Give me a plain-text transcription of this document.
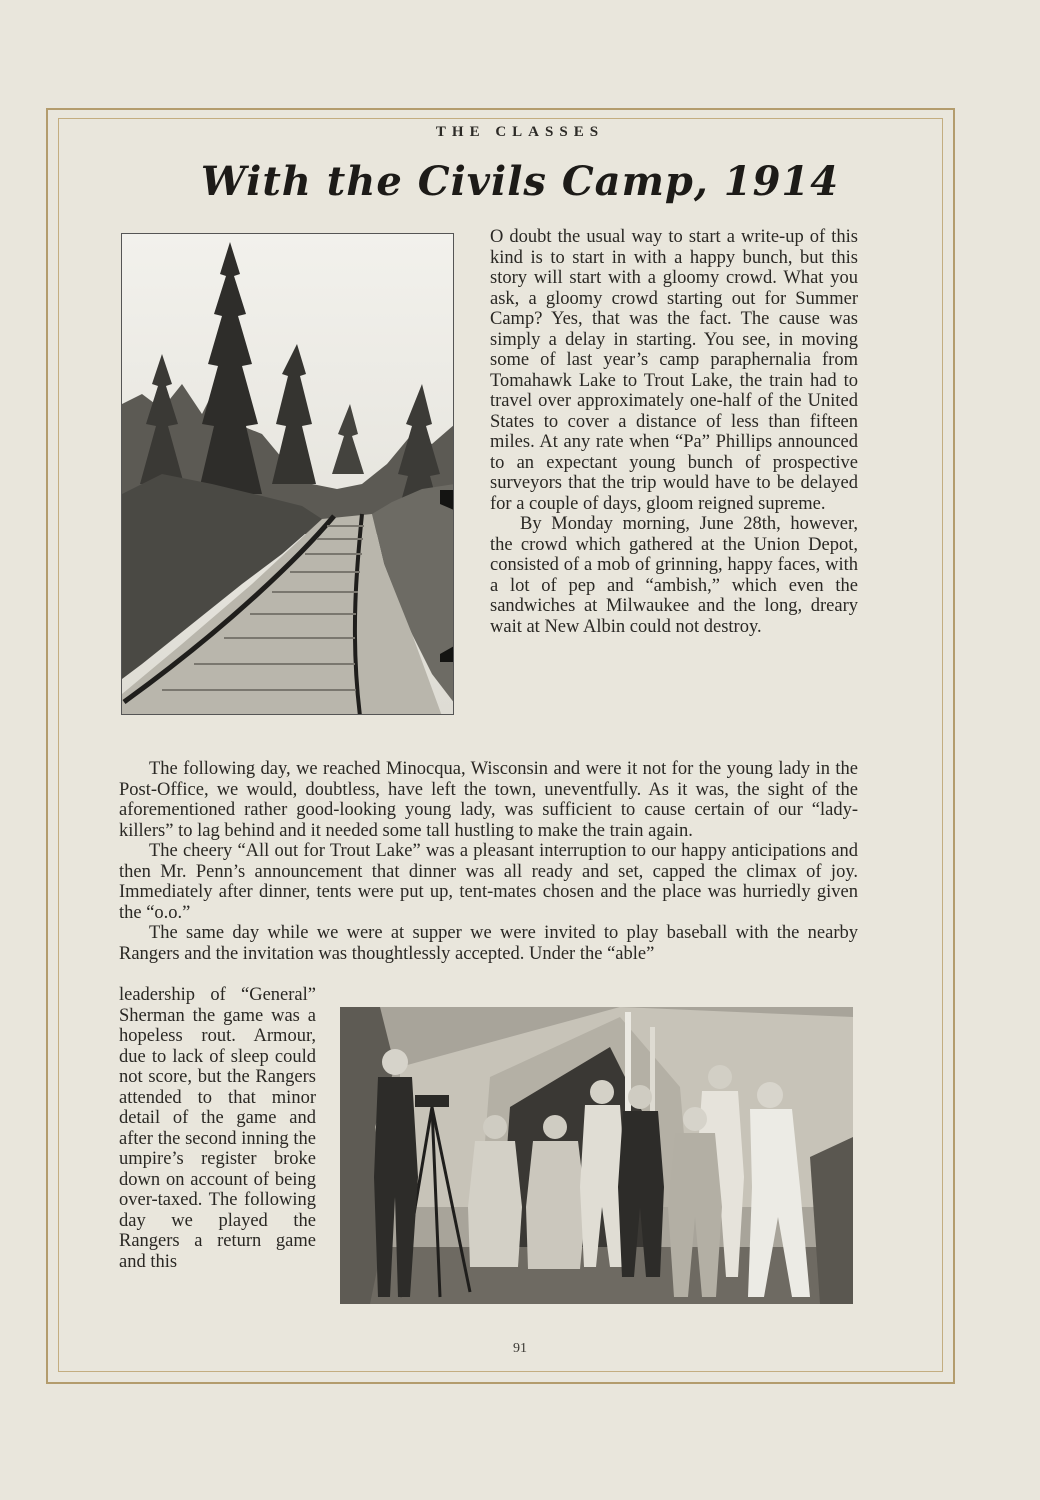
THE CLASSES
With the Civils Camp, 1914

O doubt the usual way to start a write-up of this kind is to start in with a happy bunch, but this story will start with a gloomy crowd. What you ask, a gloomy crowd starting out for Summer Camp? Yes, that was the fact. The cause was simply a delay in starting. You see, in moving some of last year’s camp paraphernalia from Tomahawk Lake to Trout Lake, the train had to travel over approximately one-half of the United States to cover a distance of less than fifteen miles. At any rate when “Pa” Phillips announced to an expectant young bunch of prospective surveyors that the trip would have to be delayed for a couple of days, gloom reigned supreme.

By Monday morning, June 28th, however, the crowd which gathered at the Union Depot, consisted of a mob of grinning, happy faces, with a lot of pep and “ambish,” which even the sandwiches at Milwaukee and the long, dreary wait at New Albin could not destroy.

The following day, we reached Minocqua, Wisconsin and were it not for the young lady in the Post-Office, we would, doubtless, have left the town, uneventfully. As it was, the sight of the aforementioned rather good-looking young lady, was sufficient to cause certain of our “lady-killers” to lag behind and it needed some tall hustling to make the train again.

The cheery “All out for Trout Lake” was a pleasant interruption to our happy anticipations and then Mr. Penn’s announcement that dinner was all ready and set, capped the climax of joy. Immediately after dinner, tents were put up, tent-mates chosen and the place was hurriedly given the “o.o.”

The same day while we were at supper we were invited to play baseball with the nearby Rangers and the invitation was thoughtlessly accepted. Under the “able”

leadership of “General” Sherman the game was a hopeless rout. Armour, due to lack of sleep could not score, but the Rangers attended to that minor detail of the game and after the second inning the umpire’s register broke down on account of being over-taxed. The following day we played the Rangers a return game and this

91
